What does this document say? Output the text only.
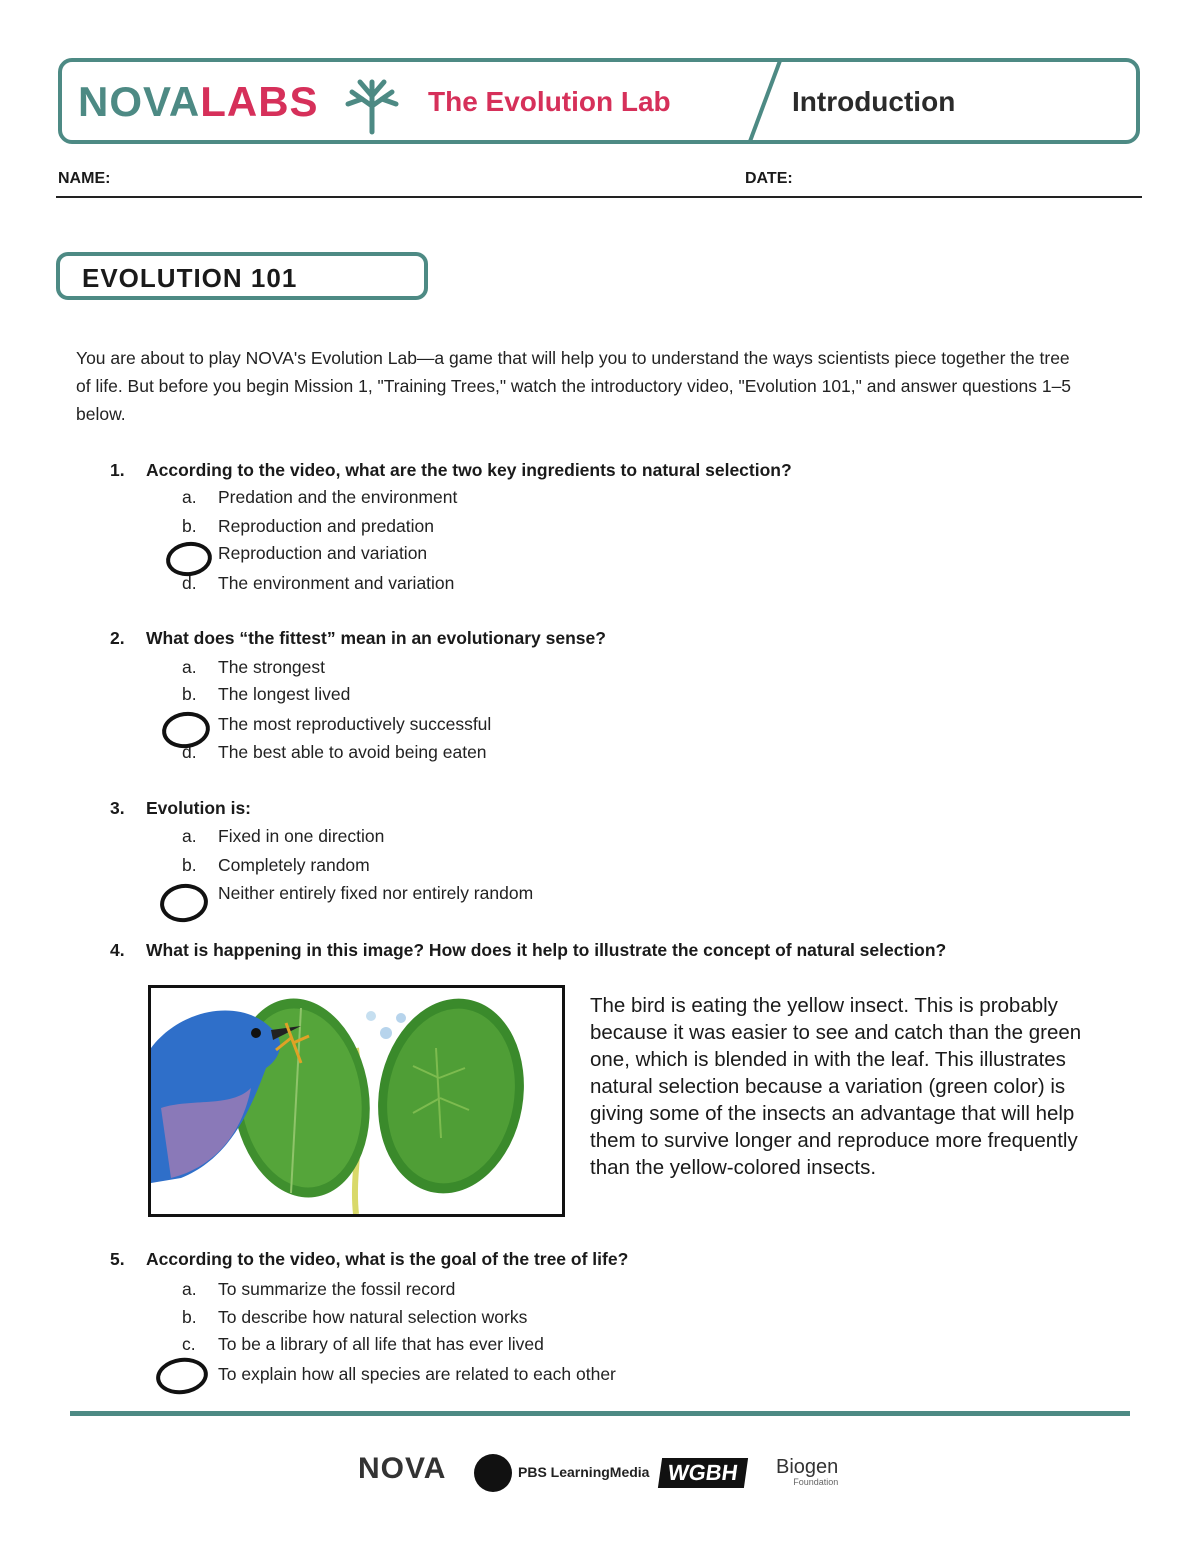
NOVALABS	The Evolution Lab	Introduction
NAME:	DATE:
EVOLUTION 101
You are about to play NOVA's Evolution Lab—a game that will help you to understand the ways scientists piece together the tree of life. But before you begin Mission 1, "Training Trees," watch the introductory video, "Evolution 101," and answer questions 1–5 below.
1. According to the video, what are the two key ingredients to natural selection?
a. Predation and the environment
b. Reproduction and predation
Reproduction and variation
d. The environment and variation
2. What does “the fittest” mean in an evolutionary sense?
a. The strongest
b. The longest lived
The most reproductively successful
d. The best able to avoid being eaten
3. Evolution is:
a. Fixed in one direction
b. Completely random
Neither entirely fixed nor entirely random
4. What is happening in this image? How does it help to illustrate the concept of natural selection?
The bird is eating the yellow insect. This is probably because it was easier to see and catch than the green one, which is blended in with the leaf. This illustrates natural selection because a variation (green color) is giving some of the insects an advantage that will help them to survive longer and reproduce more frequently than the yellow-colored insects.
5. According to the video, what is the goal of the tree of life?
a. To summarize the fossil record
b. To describe how natural selection works
c. To be a library of all life that has ever lived
To explain how all species are related to each other
NOVA	PBS LearningMedia WGBH	Biogen
Foundation
